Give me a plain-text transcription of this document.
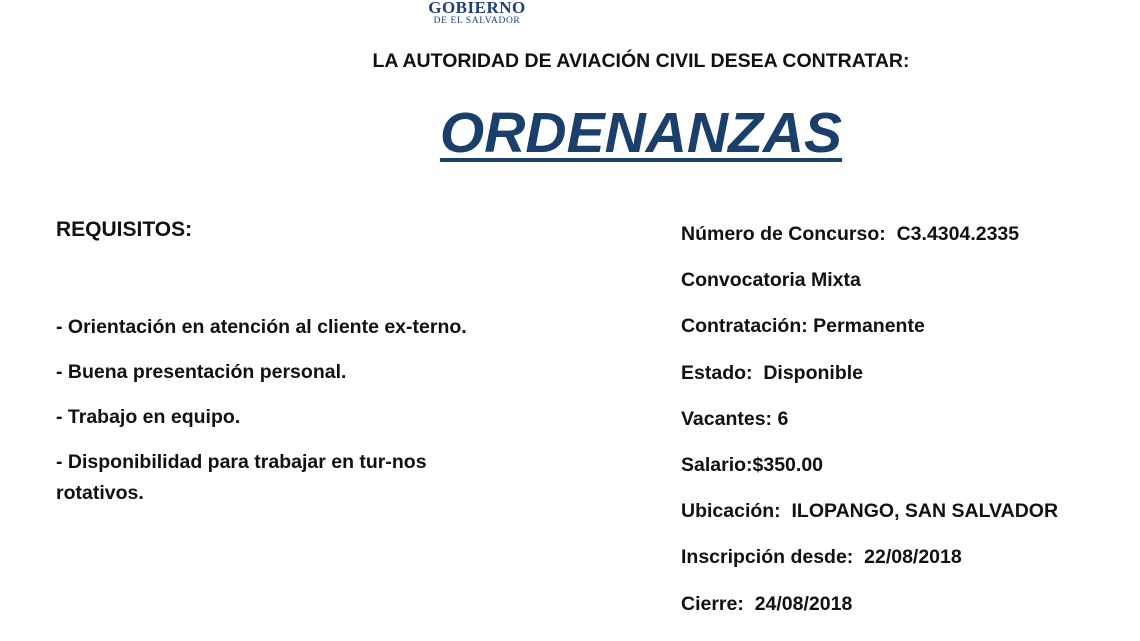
GOBIERNO
DE EL SALVADOR
LA AUTORIDAD DE AVIACIÓN CIVIL DESEA CONTRATAR:
ORDENANZAS
REQUISITOS:
- Orientación en atención al cliente ex-terno.
- Buena presentación personal.
- Trabajo en equipo.
- Disponibilidad para trabajar en tur-nos rotativos.
Número de Concurso:  C3.4304.2335
Convocatoria Mixta
Contratación: Permanente
Estado:  Disponible
Vacantes: 6
Salario:$350.00
Ubicación:  ILOPANGO, SAN SALVADOR
Inscripción desde:  22/08/2018
Cierre:  24/08/2018
